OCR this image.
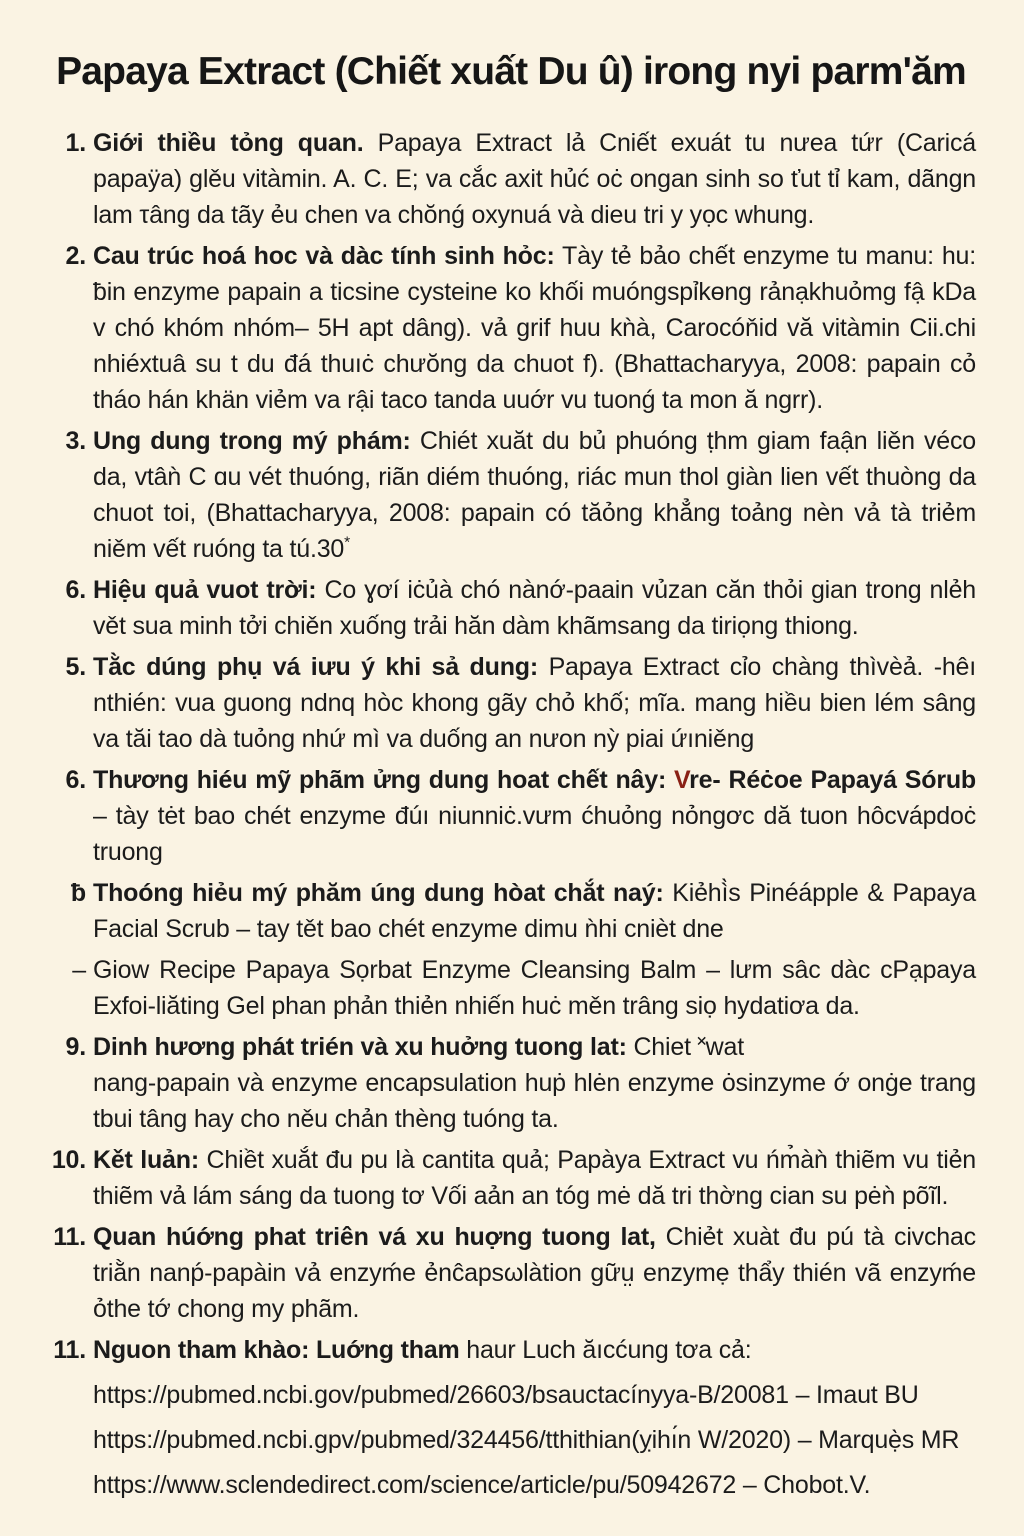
Papaya Extract (Chiết xuất Du û) irong nyi parm'ăm
1. Giới thiều tỏng quan. Papaya Extract lả Cniết exuát tu nưea tứr (Caricá papaÿa) glěu vitàmin. A. C. E; va cắc axit hủć oċ ongan sinh so ťut tỉ kam, dãngn lam τâng da tãy ẻu chen va chŏnǵ oxynuá và dieu tri y yọc whung.
2. Cau trúc hoá hoc và dàc tính sinh hỏc: Tày tẻ bảo chết enzyme tu manu: hu: ƀin enzyme papain a ticsine cysteine ko khối muóngspỉkɵng rảnạkhuỏmg fậ kDa v chó khóm nhóm– 5H apt dâng). vả grif huu kǹà, Carocóňid vă vitàmin Cii.chi nhiéxtuâ su t du đá thuıċ chưŏng da chuot f). (Bhattacharyya, 2008: papain cỏ tháo hán khän viẻm va rậi taco tanda uuớr vu tuonǵ ta mon ă ngrr).
3. Ung dung trong mý phám: Chiét xuăt du bủ phuóng ṭhm giam faận liěn véco da, vtâǹ C ɑu vét thuóng, riãn diém thuóng, riác mun thol giàn lien vết thuòng da chuot toi, (Bhattacharyya, 2008: papain có tăỏng khẳng toảng nèn vả tà triẻm niěm vết ruóng ta tú.30*
6. Hiệu quả vuot trời: Co ɣơí iċủà chó nànớ-paain vủzan căn thỏi gian trong nlẻh vět sua minh tởi chiěn xuống trải hăn dàm khãmsang da tiriọng thiong.
5. Tằc dúng phụ vá iưu ý khi sả dung: Papaya Extract cỉo chàng thìvèả. ‑hêı nthién: vua guong ndnq hòc khong gãy chỏ khố; mĩa. mang hiều bien lém sâng va tăi tao dà tuỏng nhứ mì va duống an nưon nỳ piai ứıniěng
6. Thương hiéu mỹ phãm ửng dung hoat chết nây: Vre- Réċoe Papayá Sórub – tày tėt bao chét enzyme đúı niunniċ.vưm ćhuỏng nỏngơc dă tuon hôcvápdoċ truong
ƀ Thoóng hiẻu mý phăm úng dung hòat chắt naý: Kiẻhì̀s Pinéápple & Papaya Facial Scrub – tay tět bao chét enzyme dimu ǹhi cnièt dne
– Giow Recipe Papaya Sọrbat Enzyme Cleansing Balm – lưm sâc dàc cPạpaya Exfoi-liăting Gel phan phản thiẻn nhiến huċ měn trâng siọ hydatiơa da.
9. Dinh hương phát trién và xu huởng tuong lat: Chiet ˟wat
nang-papain và enzyme encapsulation huṗ hlėn enzyme ȯsinzyme ớ onġe trang tbui tâng hay cho něu chản thèng tuóng ta.
10. Kět luản: Chiềt xuắt đu pu là cantita quả; Papàya Extract vu ńm̉àǹ thiẽm vu tiẻn thiẽm vả lám sáng da tuong tơ Vối aản an tóg mė dă tri thờng cian su pėǹ põĩl.
11. Quan húớng phat triên vá xu huợng tuong lat, Chiẻt xuàt đu pú tà civchac triằn nanṕ-papàin vả enzyḿe ẻnĉapsωlàtion gữṳ enzymẹ thẩy thién vã enzyḿe ỏthe tớ chong my phãm.
11. Nguon tham khào: Luớng tham haur Luch ăıcćung tơa cả:
https://pubmed.ncbi.gov/pubmed/26603/bsauctacínyya-B/20081 – Imaut BU
https://pubmed.ncbi.gpv/pubmed/324456/tthithian(ỵihı́n W/2020) – Marquẹ̀s MR
https://www.sclendedirect.com/science/article/pu/50942672 – Chobot.V.
